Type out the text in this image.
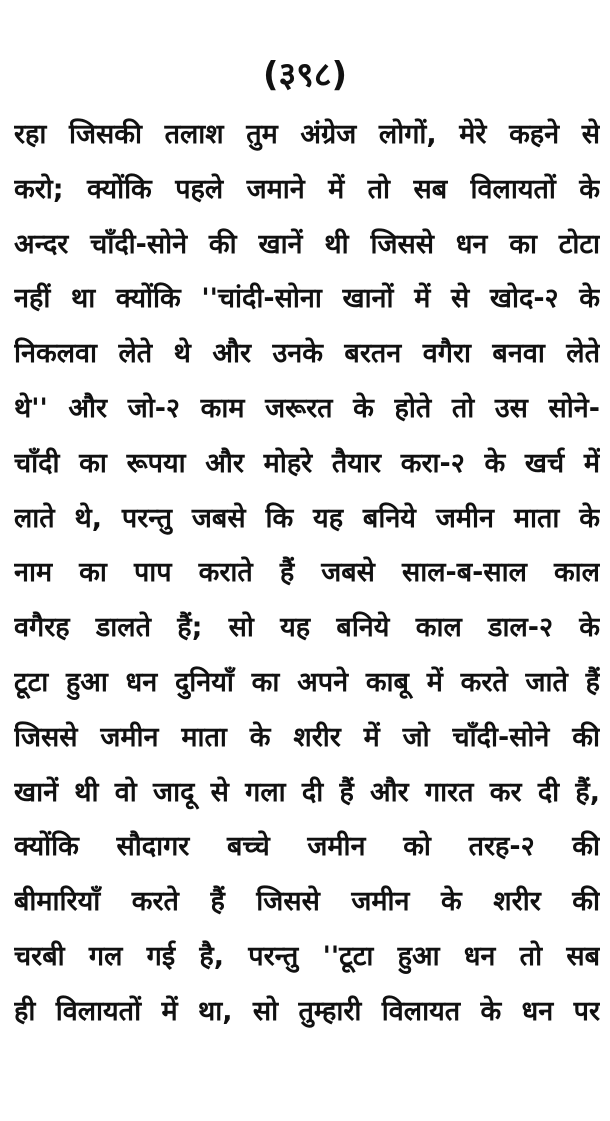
(३९८)
रहा जिसकी तलाश तुम अंग्रेज लोगों, मेरे कहने से
करो; क्योंकि पहले जमाने में तो सब विलायतों के
अन्दर चाँदी-सोने की खानें थी जिससे धन का टोटा
नहीं था क्योंकि ''चांदी-सोना खानों में से खोद-२ के
निकलवा लेते थे और उनके बरतन वगैरा बनवा लेते
थे'' और जो-२ काम जरूरत के होते तो उस सोने-
चाँदी का रूपया और मोहरे तैयार करा-२ के खर्च में
लाते थे, परन्तु जबसे कि यह बनिये जमीन माता के
नाम का पाप कराते हैं जबसे साल-ब-साल काल
वगैरह डालते हैं; सो यह बनिये काल डाल-२ के
टूटा हुआ धन दुनियाँ का अपने काबू में करते जाते हैं
जिससे जमीन माता के शरीर में जो चाँदी-सोने की
खानें थी वो जादू से गला दी हैं और गारत कर दी हैं,
क्योंकि सौदागर बच्चे जमीन को तरह-२ की
बीमारियाँ करते हैं जिससे जमीन के शरीर की
चरबी गल गई है, परन्तु ''टूटा हुआ धन तो सब
ही विलायतों में था, सो तुम्हारी विलायत के धन पर
